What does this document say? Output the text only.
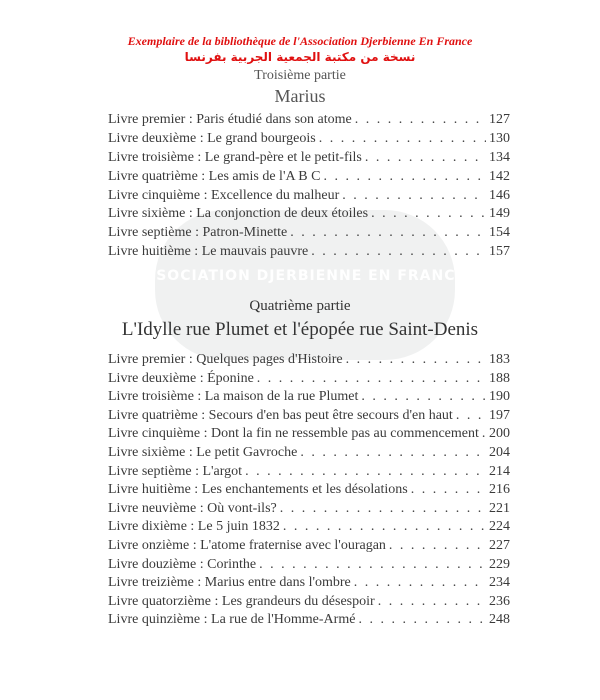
ASSOCIATION DJERBIENNE EN FRANCE
Exemplaire de la bibliothèque de l'Association Djerbienne En France
نسخة من مكتبة الجمعية الجربية بفرنسا
Troisième partie
Marius
Livre premier : Paris étudié dans son atome . . .	127
Livre deuxième : Le grand bourgeois . . .	130
Livre troisième : Le grand-père et le petit-fils . . .	134
Livre quatrième : Les amis de l'A B C . . .	142
Livre cinquième : Excellence du malheur . . .	146
Livre sixième : La conjonction de deux étoiles . . .	149
Livre septième : Patron-Minette . . .	154
Livre huitième : Le mauvais pauvre . . .	157
Quatrième partie
L'Idylle rue Plumet et l'épopée rue Saint-Denis
Livre premier : Quelques pages d'Histoire . . .	183
Livre deuxième : Éponine . . .	188
Livre troisième : La maison de la rue Plumet . . .	190
Livre quatrième : Secours d'en bas peut être secours d'en haut . . .	197
Livre cinquième : Dont la fin ne ressemble pas au commencement . . . 200
Livre sixième : Le petit Gavroche . . .	204
Livre septième : L'argot . . .	214
Livre huitième : Les enchantements et les désolations . . .	216
Livre neuvième : Où vont-ils? . . .	221
Livre dixième : Le 5 juin 1832 . . .	224
Livre onzième : L'atome fraternise avec l'ouragan . . .	227
Livre douzième : Corinthe . . .	229
Livre treizième : Marius entre dans l'ombre . . .	234
Livre quatorzième : Les grandeurs du désespoir . . .	236
Livre quinzième : La rue de l'Homme-Armé . . .	248
